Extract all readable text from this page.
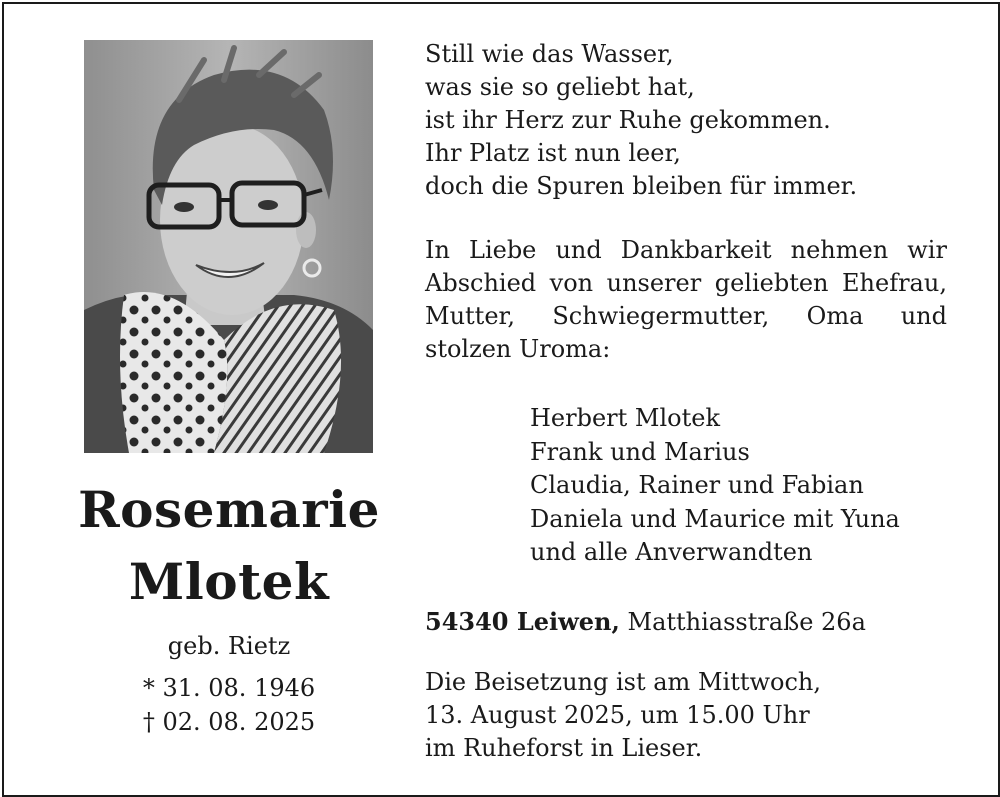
Rosemarie
Mlotek
geb. Rietz
* 31. 08. 1946
† 02. 08. 2025
Still wie das Wasser,
was sie so geliebt hat,
ist ihr Herz zur Ruhe gekommen.
Ihr Platz ist nun leer,
doch die Spuren bleiben für immer.
In Liebe und Dankbarkeit nehmen wir
Abschied von unserer geliebten Ehefrau,
Mutter, Schwiegermutter, Oma und
stolzen Uroma:
Herbert Mlotek
Frank und Marius
Claudia, Rainer und Fabian
Daniela und Maurice mit Yuna
und alle Anverwandten
54340 Leiwen, Matthiasstraße 26a
Die Beisetzung ist am Mittwoch,
13. August 2025, um 15.00 Uhr
im Ruheforst in Lieser.
